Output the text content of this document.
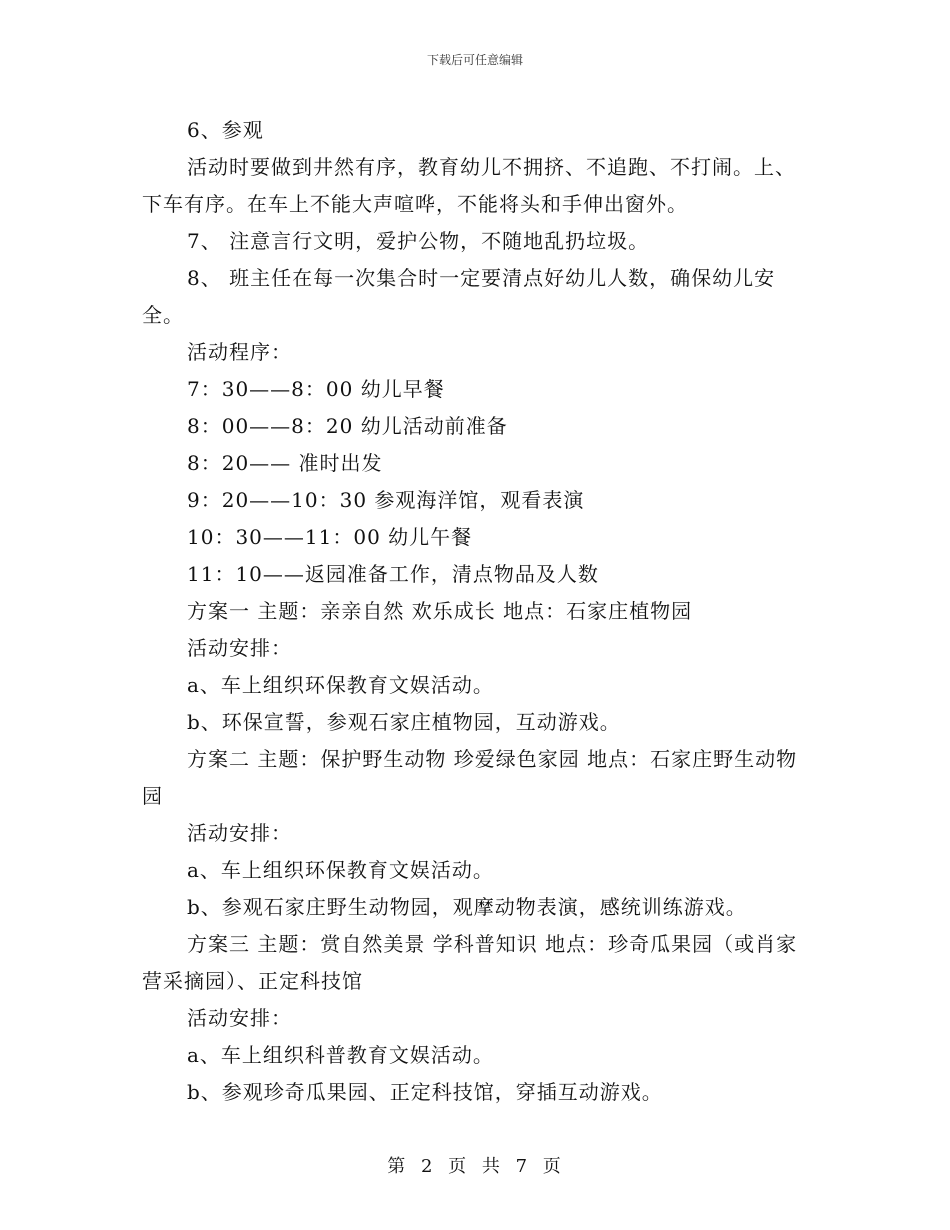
下载后可任意编辑

6、参观

活动时要做到井然有序，教育幼儿不拥挤、不追跑、不打闹。上、下车有序。在车上不能大声喧哗，不能将头和手伸出窗外。

7、 注意言行文明，爱护公物，不随地乱扔垃圾。

8、 班主任在每一次集合时一定要清点好幼儿人数，确保幼儿安全。

活动程序：

7：30——8：00 幼儿早餐

8：00——8：20 幼儿活动前准备

8：20—— 准时出发

9：20——10：30 参观海洋馆，观看表演

10：30——11：00 幼儿午餐

11：10——返园准备工作，清点物品及人数

方案一 主题：亲亲自然 欢乐成长 地点：石家庄植物园

活动安排：

a、车上组织环保教育文娱活动。

b、环保宣誓，参观石家庄植物园，互动游戏。

方案二 主题：保护野生动物 珍爱绿色家园 地点：石家庄野生动物园

活动安排：

a、车上组织环保教育文娱活动。

b、参观石家庄野生动物园，观摩动物表演，感统训练游戏。

方案三 主题：赏自然美景 学科普知识 地点：珍奇瓜果园（或肖家营采摘园）、正定科技馆

活动安排：

a、车上组织科普教育文娱活动。

b、参观珍奇瓜果园、正定科技馆，穿插互动游戏。

第 2 页 共 7 页
